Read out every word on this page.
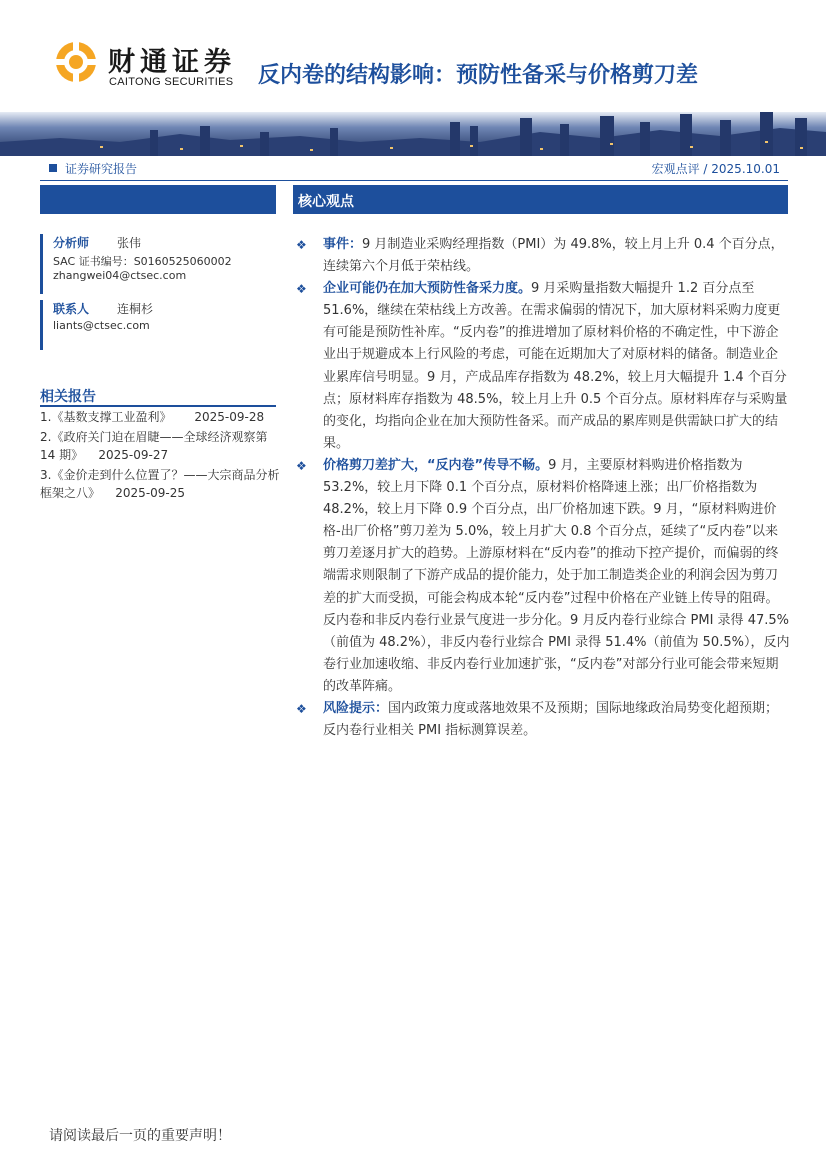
财通证券
CAITONG SECURITIES 反内卷的结构影响：预防性备采与价格剪刀差
证券研究报告	宏观点评 / 2025.10.01
核心观点
分析师 张伟
SAC 证书编号：S0160525060002
zhangwei04@ctsec.com
联系人 连桐杉
liants@ctsec.com
相关报告
1.《基数支撑工业盈利》 2025-09-28
2.《政府关门迫在眉睫——全球经济观察第 14 期》 2025-09-27
3.《金价走到什么位置了？——大宗商品分析框架之八》 2025-09-25
❖ 事件：9 月制造业采购经理指数（PMI）为 49.8%，较上月上升 0.4 个百分点，连续第六个月低于荣枯线。
❖ 企业可能仍在加大预防性备采力度。9 月采购量指数大幅提升 1.2 百分点至 51.6%，继续在荣枯线上方改善。在需求偏弱的情况下，加大原材料采购力度更有可能是预防性补库。“反内卷”的推进增加了原材料价格的不确定性，中下游企业出于规避成本上行风险的考虑，可能在近期加大了对原材料的储备。制造业企业累库信号明显。9 月，产成品库存指数为 48.2%，较上月大幅提升 1.4 个百分点；原材料库存指数为 48.5%，较上月上升 0.5 个百分点。原材料库存与采购量的变化，均指向企业在加大预防性备采。而产成品的累库则是供需缺口扩大的结果。
❖ 价格剪刀差扩大，“反内卷”传导不畅。9 月，主要原材料购进价格指数为 53.2%，较上月下降 0.1 个百分点，原材料价格降速上涨；出厂价格指数为 48.2%，较上月下降 0.9 个百分点，出厂价格加速下跌。9 月，“原材料购进价格-出厂价格”剪刀差为 5.0%，较上月扩大 0.8 个百分点，延续了“反内卷”以来剪刀差逐月扩大的趋势。上游原材料在“反内卷”的推动下控产提价，而偏弱的终端需求则限制了下游产成品的提价能力，处于加工制造类企业的利润会因为剪刀差的扩大而受损，可能会构成本轮“反内卷”过程中价格在产业链上传导的阻碍。反内卷和非反内卷行业景气度进一步分化。9 月反内卷行业综合 PMI 录得 47.5%（前值为 48.2%），非反内卷行业综合 PMI 录得 51.4%（前值为 50.5%），反内卷行业加速收缩、非反内卷行业加速扩张，“反内卷”对部分行业可能会带来短期的改革阵痛。
❖ 风险提示：国内政策力度或落地效果不及预期；国际地缘政治局势变化超预期；反内卷行业相关 PMI 指标测算误差。
请阅读最后一页的重要声明！
